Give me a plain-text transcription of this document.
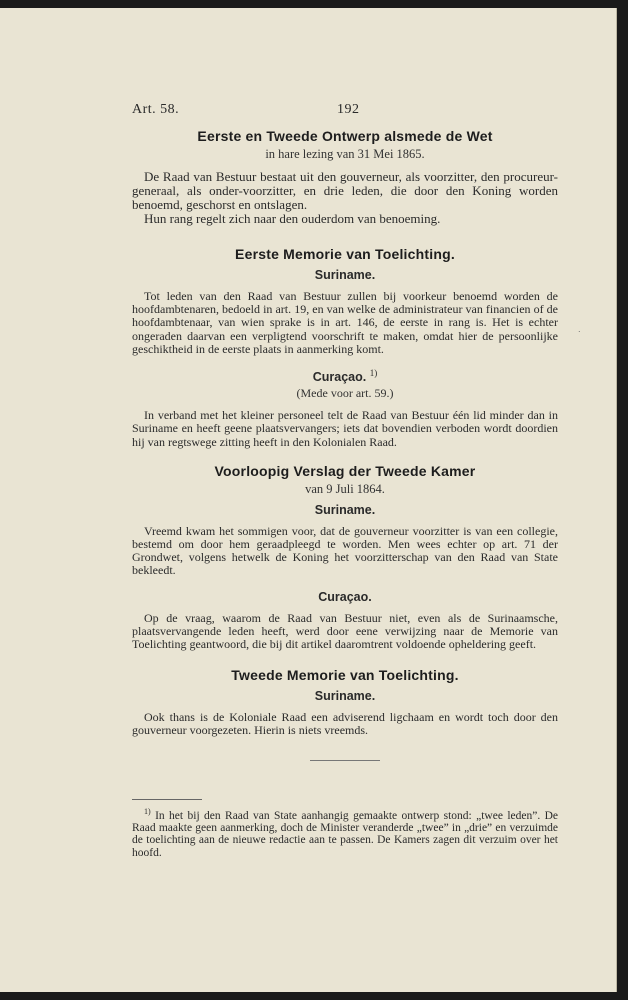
Art. 58.	192
Eerste en Tweede Ontwerp alsmede de Wet
in hare lezing van 31 Mei 1865.

De Raad van Bestuur bestaat uit den gouverneur, als voorzitter, den procureur-generaal, als onder-voorzitter, en drie leden, die door den Koning worden benoemd, geschorst en ontslagen.

Hun rang regelt zich naar den ouderdom van benoeming.

Eerste Memorie van Toelichting.
Suriname.

Tot leden van den Raad van Bestuur zullen bij voorkeur benoemd worden de hoofdambtenaren, bedoeld in art. 19, en van welke de administrateur van financien of de hoofdambtenaar, van wien sprake is in art. 146, de eerste in rang is. Het is echter ongeraden daarvan een verpligtend voorschrift te maken, omdat hier de persoonlijke geschiktheid in de eerste plaats in aanmerking komt.

Curaçao. $^{1)}$
(Mede voor art. 59.)

In verband met het kleiner personeel telt de Raad van Bestuur één lid minder dan in Suriname en heeft geene plaatsvervangers; iets dat bovendien verboden wordt doordien hij van regtswege zitting heeft in den Kolonialen Raad.

Voorloopig Verslag der Tweede Kamer
van 9 Juli 1864.
Suriname.

Vreemd kwam het sommigen voor, dat de gouverneur voorzitter is van een collegie, bestemd om door hem geraadpleegd te worden. Men wees echter op art. 71 der Grondwet, volgens hetwelk de Koning het voorzitterschap van den Raad van State bekleedt.

Curaçao.

Op de vraag, waarom de Raad van Bestuur niet, even als de Surinaamsche, plaatsvervangende leden heeft, werd door eene verwijzing naar de Memorie van Toelichting geantwoord, die bij dit artikel daaromtrent voldoende opheldering geeft.

Tweede Memorie van Toelichting.
Suriname.

Ook thans is de Koloniale Raad een adviserend ligchaam en wordt toch door den gouverneur voorgezeten. Hierin is niets vreemds.

$^{1)}$ In het bij den Raad van State aanhangig gemaakte ontwerp stond: „twee leden”. De Raad maakte geen aanmerking, doch de Minister veranderde „twee” in „drie” en verzuimde de toelichting aan de nieuwe redactie aan te passen. De Kamers zagen dit verzuim over het hoofd.
˙
